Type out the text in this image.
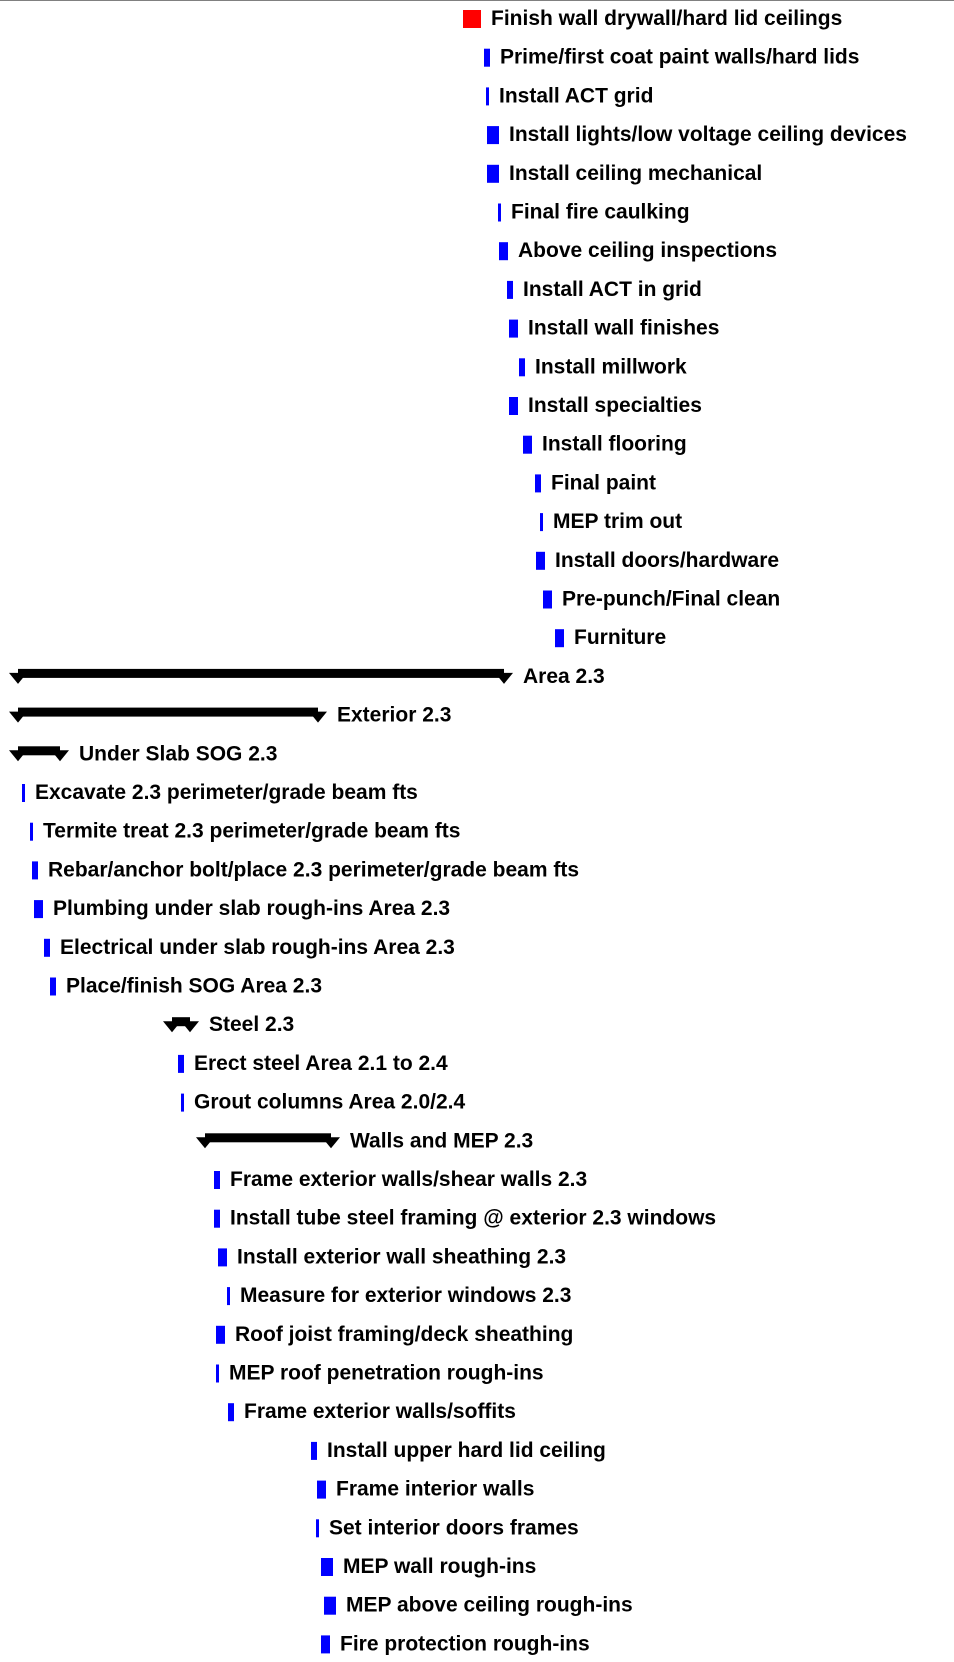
Finish wall drywall/hard lid ceilings
Prime/first coat paint walls/hard lids
Install ACT grid
Install lights/low voltage ceiling devices
Install ceiling mechanical
Final fire caulking
Above ceiling inspections
Install ACT in grid
Install wall finishes
Install millwork
Install specialties
Install flooring
Final paint
MEP trim out
Install doors/hardware
Pre-punch/Final clean
Furniture
Area 2.3
Exterior 2.3
Under Slab SOG 2.3
Excavate 2.3 perimeter/grade beam fts
Termite treat 2.3 perimeter/grade beam fts
Rebar/anchor bolt/place 2.3 perimeter/grade beam fts
Plumbing under slab rough-ins Area 2.3
Electrical under slab rough-ins Area 2.3
Place/finish SOG Area 2.3
Steel 2.3
Erect steel Area 2.1 to 2.4
Grout columns Area 2.0/2.4
Walls and MEP 2.3
Frame exterior walls/shear walls 2.3
Install tube steel framing @ exterior 2.3 windows
Install exterior wall sheathing 2.3
Measure for exterior windows 2.3
Roof joist framing/deck sheathing
MEP roof penetration rough-ins
Frame exterior walls/soffits
Install upper hard lid ceiling
Frame interior walls
Set interior doors frames
MEP wall rough-ins
MEP above ceiling rough-ins
Fire protection rough-ins
